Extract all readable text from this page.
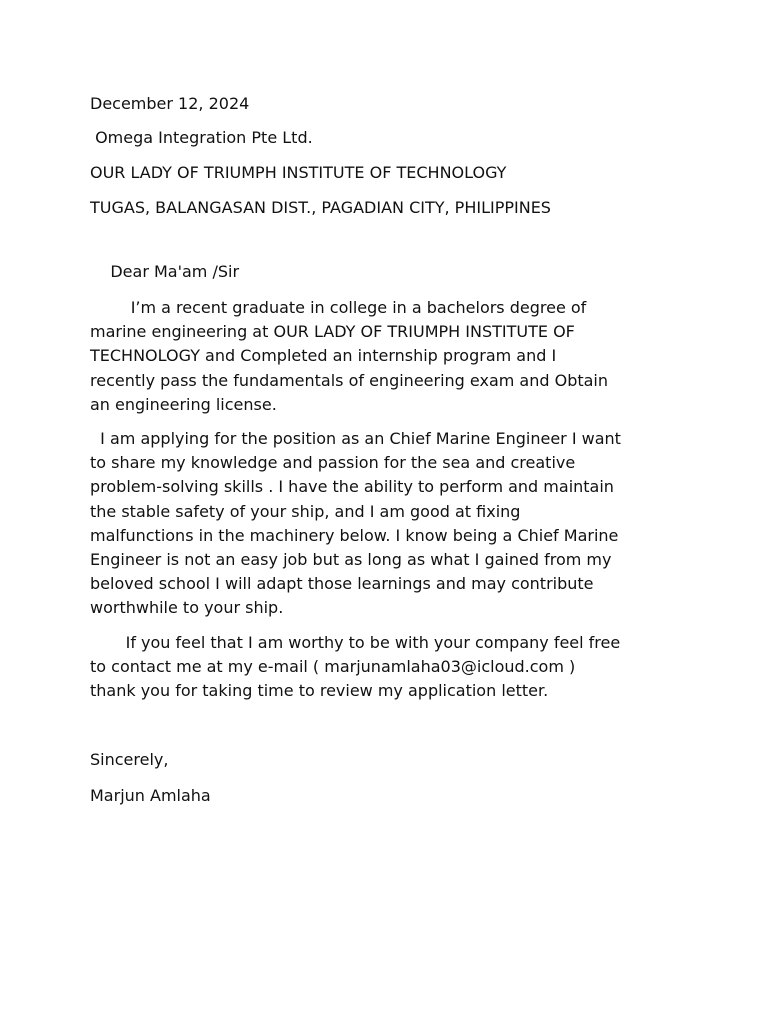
December 12, 2024
Omega Integration Pte Ltd.
OUR LADY OF TRIUMPH INSTITUTE OF TECHNOLOGY
TUGAS, BALANGASAN DIST., PAGADIAN CITY, PHILIPPINES
Dear Ma'am /Sir
I’m a recent graduate in college in a bachelors degree of
marine engineering at OUR LADY OF TRIUMPH INSTITUTE OF
TECHNOLOGY and Completed an internship program and I
recently pass the fundamentals of engineering exam and Obtain
an engineering license.
I am applying for the position as an Chief Marine Engineer I want
to share my knowledge and passion for the sea and creative
problem-solving skills . I have the ability to perform and maintain
the stable safety of your ship, and I am good at fixing
malfunctions in the machinery below. I know being a Chief Marine
Engineer is not an easy job but as long as what I gained from my
beloved school I will adapt those learnings and may contribute
worthwhile to your ship.
If you feel that I am worthy to be with your company feel free
to contact me at my e-mail ( marjunamlaha03@icloud.com )
thank you for taking time to review my application letter.
Sincerely,
Marjun Amlaha
